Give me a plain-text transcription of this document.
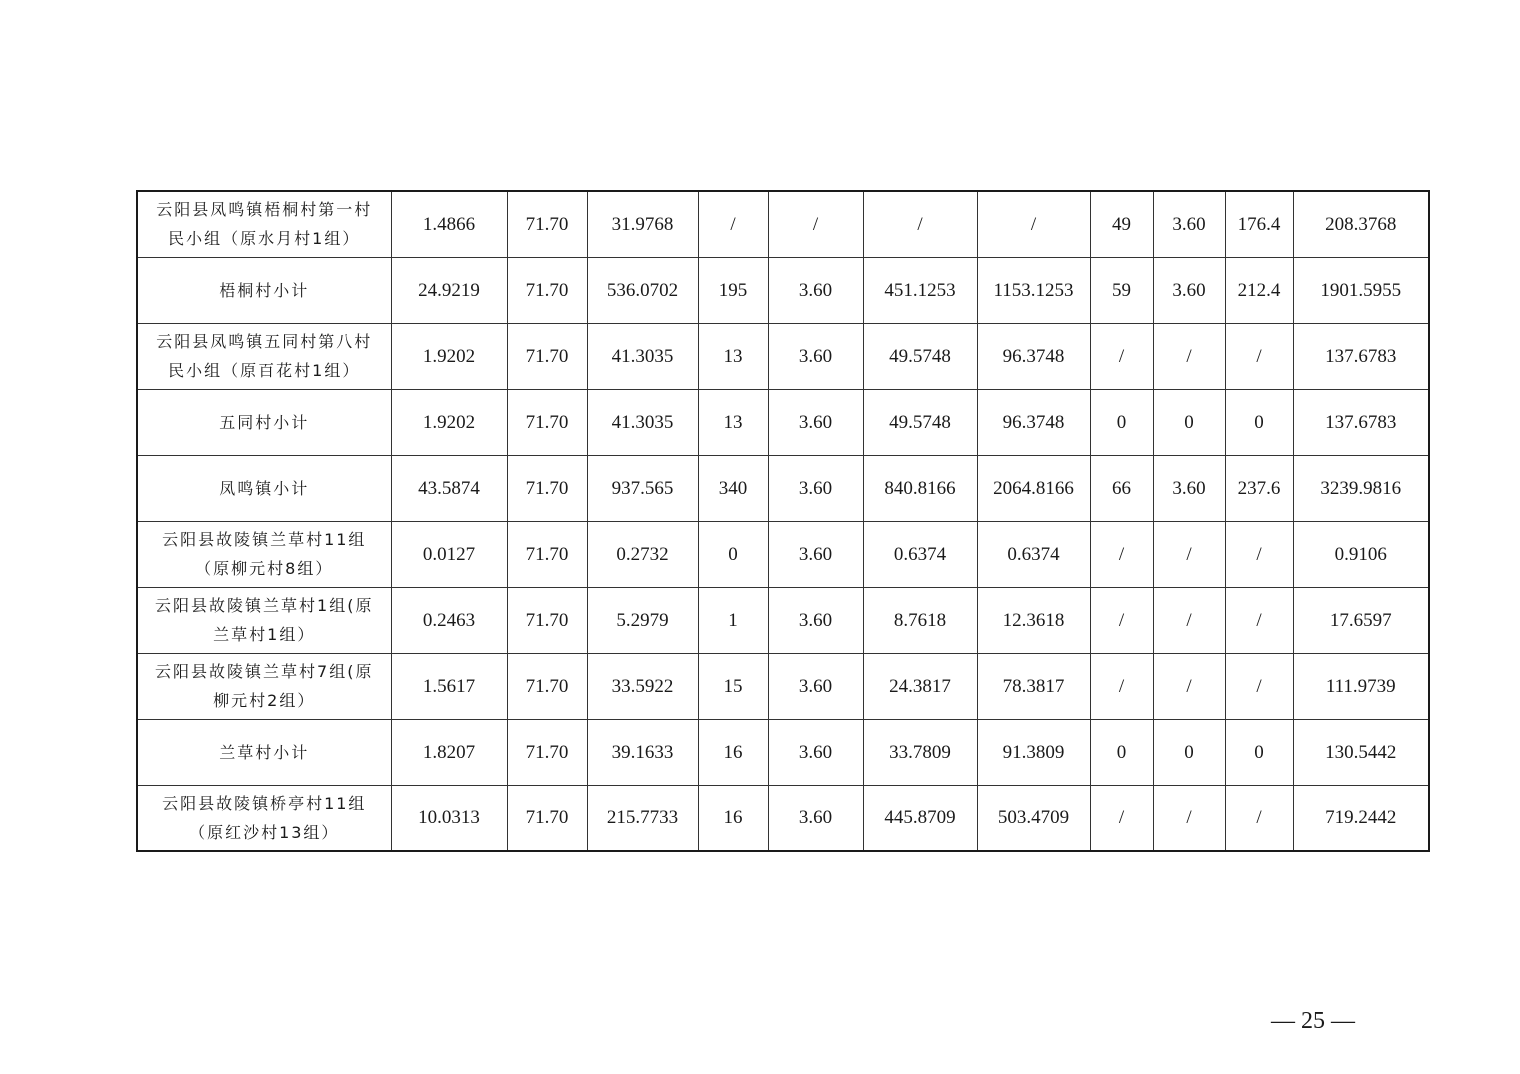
云阳县凤鸣镇梧桐村第一村民小组（原水月村1组）	1.4866	71.70	31.9768	/	/	/	/	49	3.60	176.4	208.3768
梧桐村小计	24.9219	71.70	536.0702	195	3.60	451.1253	1153.1253	59	3.60	212.4	1901.5955
云阳县凤鸣镇五同村第八村民小组（原百花村1组）	1.9202	71.70	41.3035	13	3.60	49.5748	96.3748	/	/	/	137.6783
五同村小计	1.9202	71.70	41.3035	13	3.60	49.5748	96.3748	0	0	0	137.6783
凤鸣镇小计	43.5874	71.70	937.565	340	3.60	840.8166	2064.8166	66	3.60	237.6	3239.9816
云阳县故陵镇兰草村11组（原柳元村8组）	0.0127	71.70	0.2732	0	3.60	0.6374	0.6374	/	/	/	0.9106
云阳县故陵镇兰草村1组(原兰草村1组）	0.2463	71.70	5.2979	1	3.60	8.7618	12.3618	/	/	/	17.6597
云阳县故陵镇兰草村7组(原柳元村2组）	1.5617	71.70	33.5922	15	3.60	24.3817	78.3817	/	/	/	111.9739
兰草村小计	1.8207	71.70	39.1633	16	3.60	33.7809	91.3809	0	0	0	130.5442
云阳县故陵镇桥亭村11组（原红沙村13组）	10.0313	71.70	215.7733	16	3.60	445.8709	503.4709	/	/	/	719.2442
— 25 —
